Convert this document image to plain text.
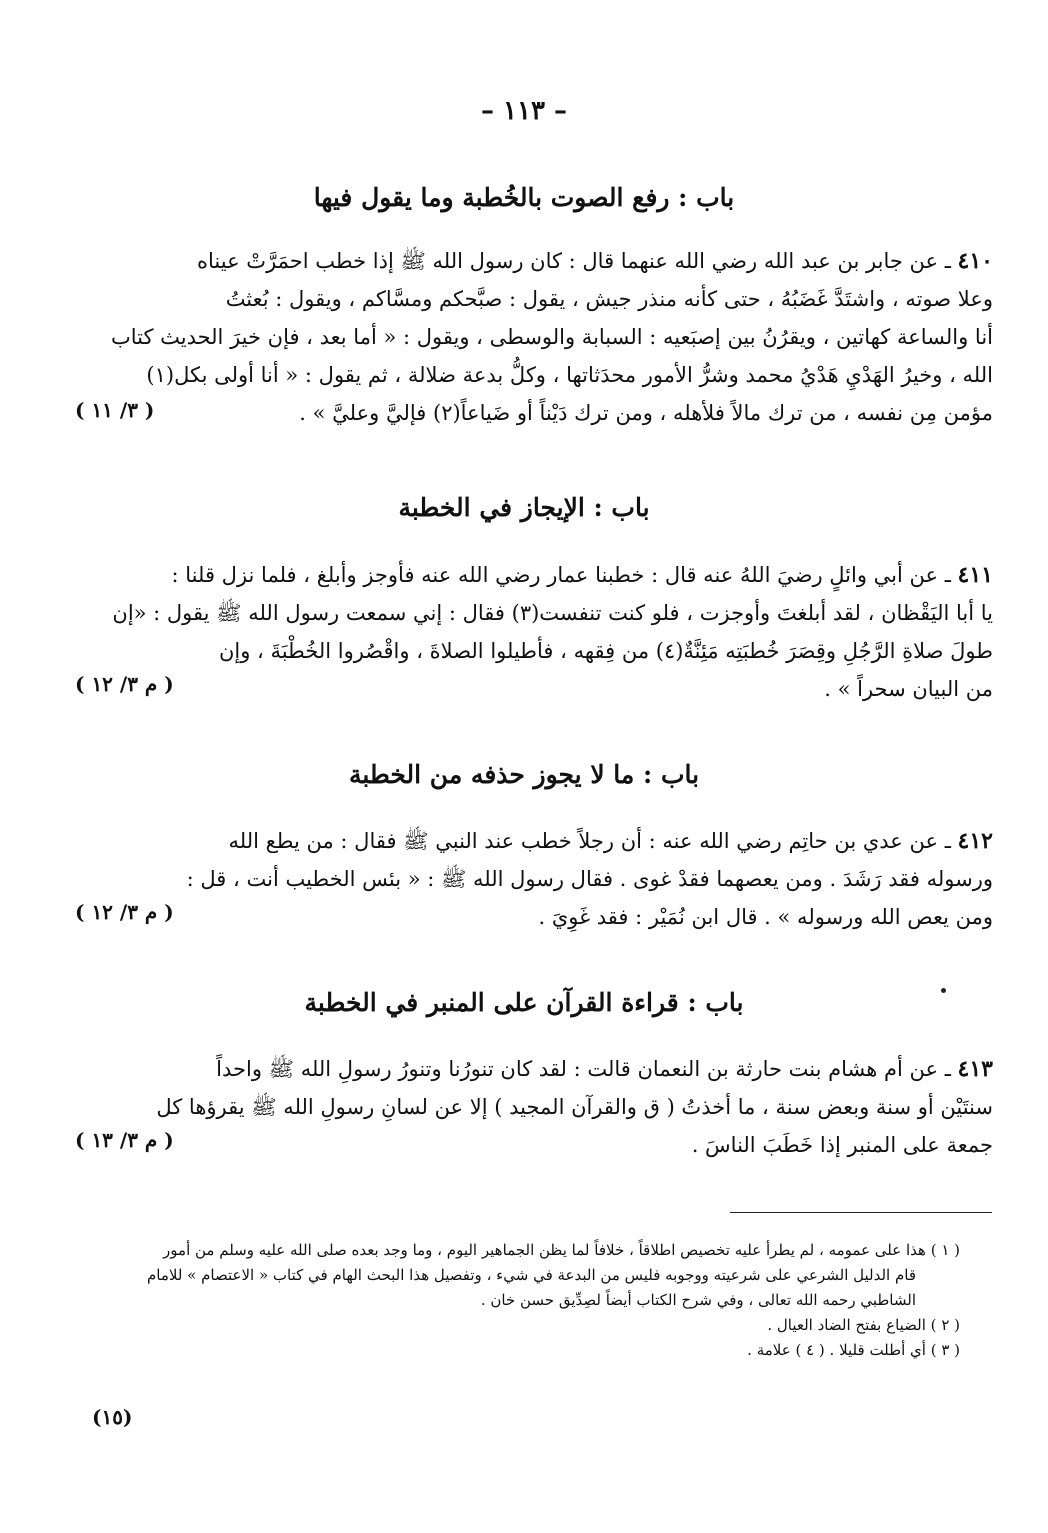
– ١١٣ –
باب : رفع الصوت بالخُطبة وما يقول فيها
٤١٠ ـ عن جابر بن عبد الله رضي الله عنهما قال : كان رسول الله ﷺ إذا خطب احمَرَّتْ عيناه
وعلا صوته ، واشتَدَّ غَضَبُهُ ، حتى كأنه منذر جيش ، يقول : صبَّحكم ومسَّاكم ، ويقول : بُعثتُ
أنا والساعة كهاتين ، ويقرُنُ بين إصبَعيه : السبابة والوسطى ، ويقول : « أما بعد ، فإن خيرَ الحديث كتاب
الله ، وخيرُ الهَدْيِ هَدْيُ محمد وشرُّ الأمور محدَثاتها ، وكلُّ بدعة ضلالة ، ثم يقول : « أنا أولى بكل(١)
مؤمن مِن نفسه ، من ترك مالاً فلأهله ، ومن ترك دَيْناً أو ضَياعاً(٢) فإليَّ وعليَّ » .
( ٣/ ١١ )
باب : الإيجاز في الخطبة
٤١١ ـ عن أبي وائلٍ رضيَ اللهُ عنه قال : خطبنا عمار رضي الله عنه فأوجز وأبلغ ، فلما نزل قلنا :
يا أبا اليَقْظان ، لقد أبلغتَ وأوجزت ، فلو كنت تنفست(٣) فقال : إني سمعت رسول الله ﷺ يقول : «إن
طولَ صلاةِ الرَّجُلِ وقِصَرَ خُطبَتِه مَئِنَّةٌ(٤) من فِقهه ، فأطيلوا الصلاةَ ، واقْصُروا الخُطْبَةَ ، وإن
من البيان سحراً » .
( م ٣/ ١٢ )
باب : ما لا يجوز حذفه من الخطبة
٤١٢ ـ عن عدي بن حاتِم رضي الله عنه : أن رجلاً خطب عند النبي ﷺ فقال : من يطع الله
ورسوله فقد رَشَدَ . ومن يعصهما فقدْ غوى . فقال رسول الله ﷺ : « بئس الخطيب أنت ، قل :
ومن يعص الله ورسوله » . قال ابن نُمَيْر : فقد غَوِيَ .
( م ٣/ ١٢ )
باب : قراءة القرآن على المنبر في الخطبة
٤١٣ ـ عن أم هشام بنت حارثة بن النعمان قالت : لقد كان تنورُنا وتنورُ رسولِ الله ﷺ واحداً
سنتَيْن أو سنة وبعض سنة ، ما أخذتُ ( ق والقرآن المجيد ) إلا عن لسانِ رسولِ الله ﷺ يقرؤها كل
جمعة على المنبر إذا خَطَبَ الناسَ .
( م ٣/ ١٣ )
( ١ ) هذا على عمومه ، لم يطرأ عليه تخصيص اطلاقاً ، خلافاً لما يظن الجماهير اليوم ، وما وجد بعده صلى الله عليه وسلم من أمور
قام الدليل الشرعي على شرعيته ووجوبه فليس من البدعة في شيء ، وتفصيل هذا البحث الهام في كتاب « الاعتصام » للامام
الشاطبي رحمه الله تعالى ، وفي شرح الكتاب أيضاً لصِدِّيق حسن خان .
( ٢ ) الضياع بفتح الضاد العيال .
( ٣ ) أي أطلت قليلا . ( ٤ ) علامة .
(١٥)
